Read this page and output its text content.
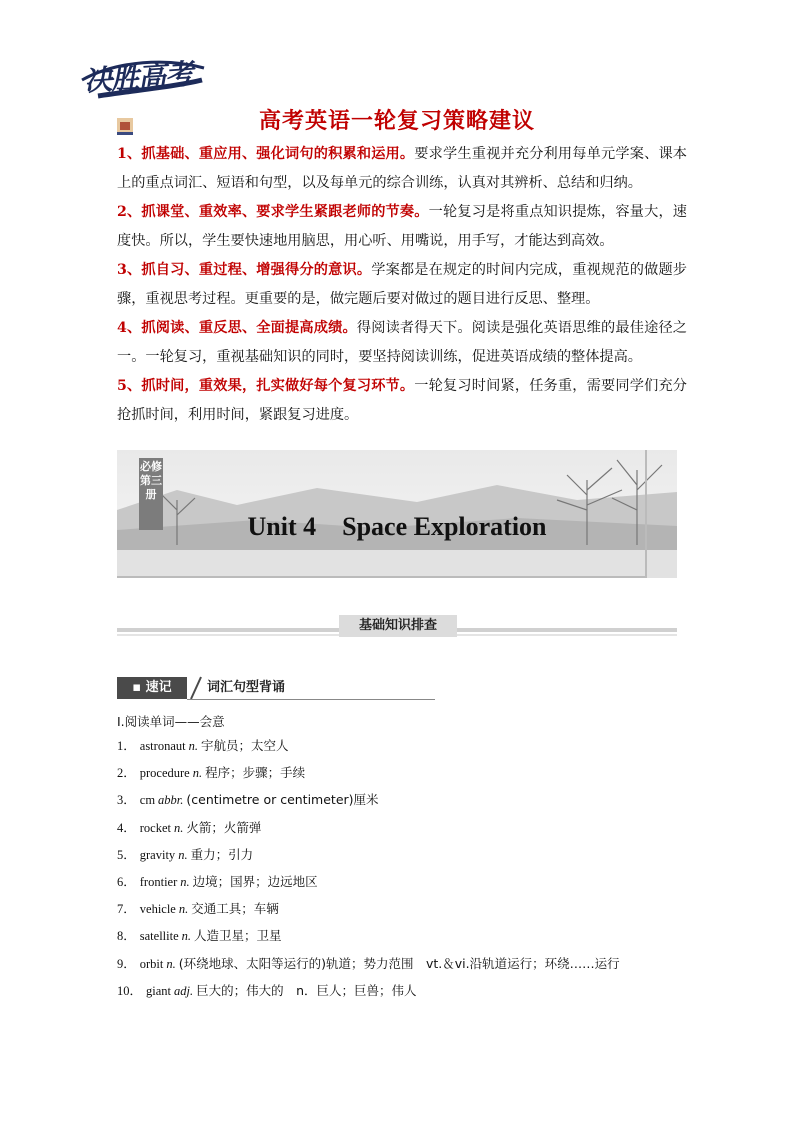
决胜高考
高考英语一轮复习策略建议

1、抓基础、重应用、强化词句的积累和运用。要求学生重视并充分利用每单元学案、课本上的重点词汇、短语和句型，以及每单元的综合训练，认真对其辨析、总结和归纳。

2、抓课堂、重效率、要求学生紧跟老师的节奏。一轮复习是将重点知识提炼，容量大，速度快。所以，学生要快速地用脑思，用心听、用嘴说，用手写，才能达到高效。

3、抓自习、重过程、增强得分的意识。学案都是在规定的时间内完成，重视规范的做题步骤，重视思考过程。更重要的是，做完题后要对做过的题目进行反思、整理。

4、抓阅读、重反思、全面提高成绩。得阅读者得天下。阅读是强化英语思维的最佳途径之一。一轮复习，重视基础知识的同时，要坚持阅读训练，促进英语成绩的整体提高。

5、抓时间，重效果，扎实做好每个复习环节。一轮复习时间紧，任务重，需要同学们充分抢抓时间，利用时间，紧跟复习进度。

必修第三册
Unit 4　Space Exploration
基础知识排查
▪ 速记	词汇句型背诵
Ⅰ.阅读单词——会意
1． astronaut n. 宇航员；太空人
2． procedure n. 程序；步骤；手续
3． cm abbr. (centimetre or centimeter)厘米
4． rocket n. 火箭；火箭弹
5． gravity n. 重力；引力
6． frontier n. 边境；国界；边远地区
7． vehicle n. 交通工具；车辆
8． satellite n. 人造卫星；卫星
9． orbit n. (环绕地球、太阳等运行的)轨道；势力范围　vt.＆vi.沿轨道运行；环绕……运行
10． giant adj. 巨大的；伟大的　n．巨人；巨兽；伟人
